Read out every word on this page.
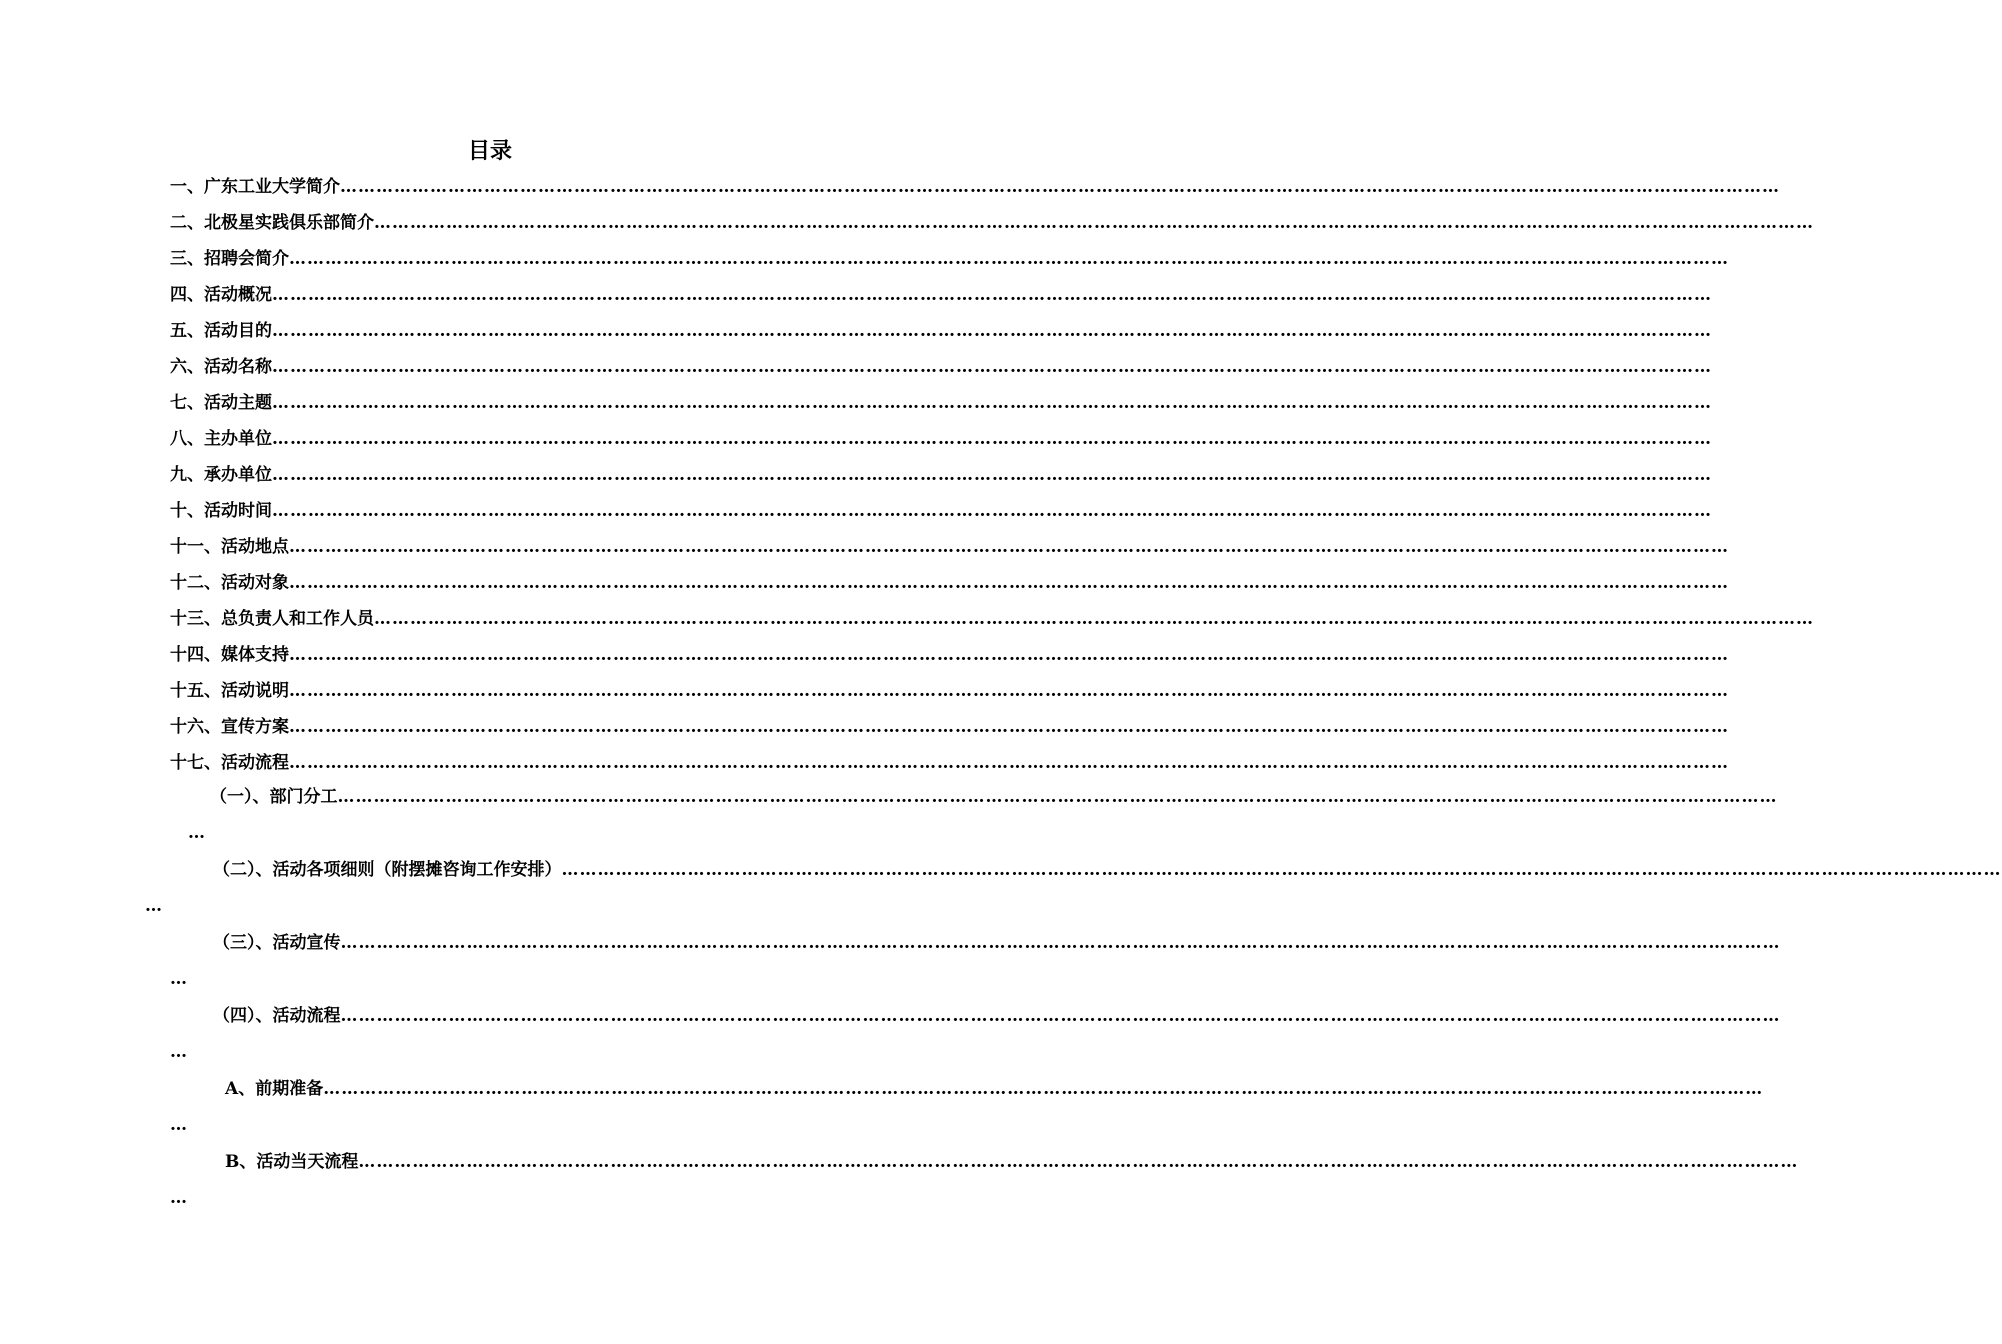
目录
一、广东工业大学简介……………………………………………………………………………………………………………………………………………………………………………………………………………………
二、北极星实践俱乐部简介……………………………………………………………………………………………………………………………………………………………………………………………………………………
三、招聘会简介……………………………………………………………………………………………………………………………………………………………………………………………………………………
四、活动概况……………………………………………………………………………………………………………………………………………………………………………………………………………………
五、活动目的……………………………………………………………………………………………………………………………………………………………………………………………………………………
六、活动名称……………………………………………………………………………………………………………………………………………………………………………………………………………………
七、活动主题……………………………………………………………………………………………………………………………………………………………………………………………………………………
八、主办单位……………………………………………………………………………………………………………………………………………………………………………………………………………………
九、承办单位……………………………………………………………………………………………………………………………………………………………………………………………………………………
十、活动时间……………………………………………………………………………………………………………………………………………………………………………………………………………………
十一、活动地点……………………………………………………………………………………………………………………………………………………………………………………………………………………
十二、活动对象……………………………………………………………………………………………………………………………………………………………………………………………………………………
十三、总负责人和工作人员……………………………………………………………………………………………………………………………………………………………………………………………………………………
十四、媒体支持……………………………………………………………………………………………………………………………………………………………………………………………………………………
十五、活动说明……………………………………………………………………………………………………………………………………………………………………………………………………………………
十六、宣传方案……………………………………………………………………………………………………………………………………………………………………………………………………………………
十七、活动流程……………………………………………………………………………………………………………………………………………………………………………………………………………………
（一）、部门分工……………………………………………………………………………………………………………………………………………………………………………………………………………………
…
（二）、活动各项细则（附摆摊咨询工作安排）……………………………………………………………………………………………………………………………………………………………………………………………………………………
…
（三）、活动宣传……………………………………………………………………………………………………………………………………………………………………………………………………………………
…
（四）、活动流程……………………………………………………………………………………………………………………………………………………………………………………………………………………
…
A、前期准备……………………………………………………………………………………………………………………………………………………………………………………………………………………
…
B、活动当天流程……………………………………………………………………………………………………………………………………………………………………………………………………………………
…
